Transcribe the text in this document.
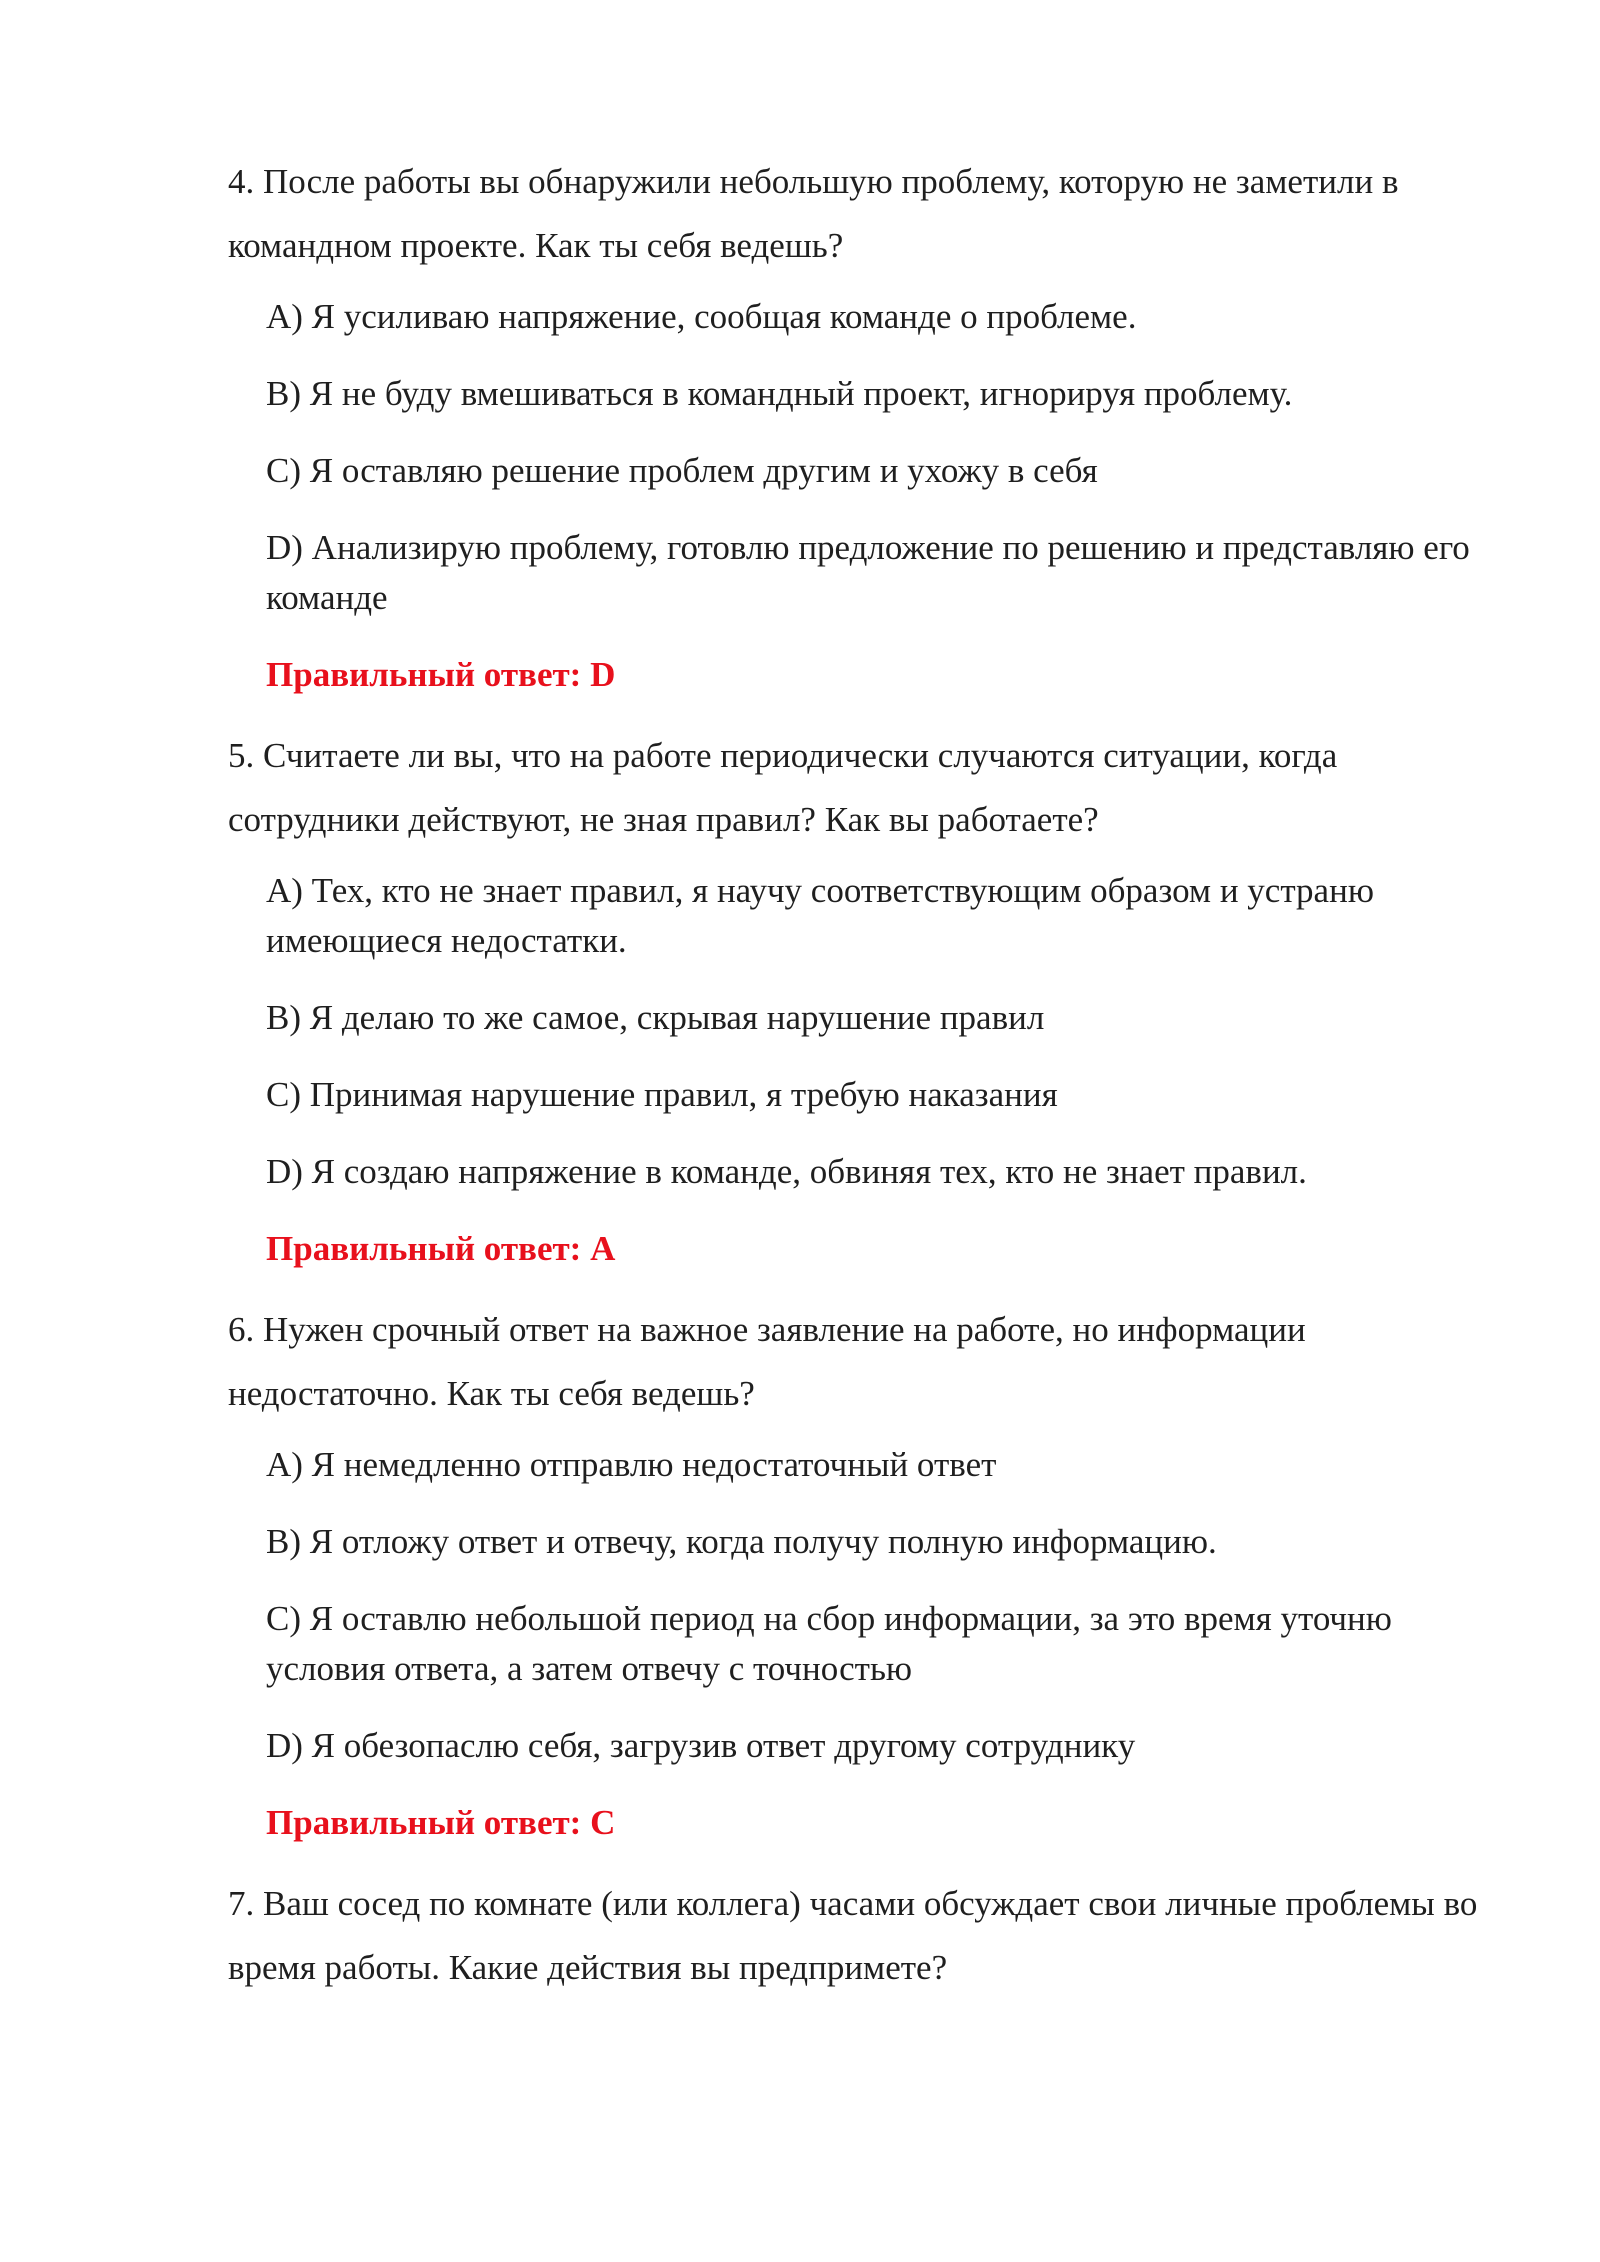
4. После работы вы обнаружили небольшую проблему, которую не заметили в командном проекте. Как ты себя ведешь?

A) Я усиливаю напряжение, сообщая команде о проблеме.
B) Я не буду вмешиваться в командный проект, игнорируя проблему.
C) Я оставляю решение проблем другим и ухожу в себя
D) Анализирую проблему, готовлю предложение по решению и представляю его команде

Правильный ответ: D

5. Считаете ли вы, что на работе периодически случаются ситуации, когда сотрудники действуют, не зная правил? Как вы работаете?

A) Тех, кто не знает правил, я научу соответствующим образом и устраню имеющиеся недостатки.
B) Я делаю то же самое, скрывая нарушение правил
C) Принимая нарушение правил, я требую наказания
D) Я создаю напряжение в команде, обвиняя тех, кто не знает правил.

Правильный ответ: A

6. Нужен срочный ответ на важное заявление на работе, но информации недостаточно. Как ты себя ведешь?

A) Я немедленно отправлю недостаточный ответ
B) Я отложу ответ и отвечу, когда получу полную информацию.
C) Я оставлю небольшой период на сбор информации, за это время уточню условия ответа, а затем отвечу с точностью
D) Я обезопаслю себя, загрузив ответ другому сотруднику

Правильный ответ: C

7. Ваш сосед по комнате (или коллега) часами обсуждает свои личные проблемы во время работы. Какие действия вы предпримете?
